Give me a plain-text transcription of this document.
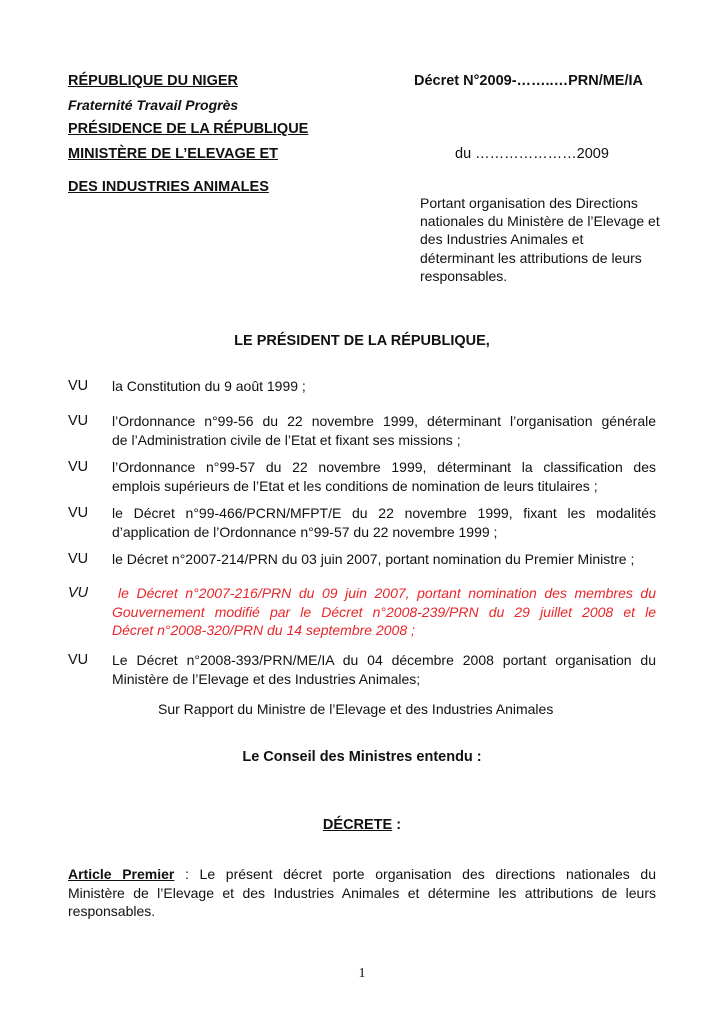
RÉPUBLIQUE DU NIGER
Fraternité Travail Progrès
PRÉSIDENCE DE LA RÉPUBLIQUE
MINISTÈRE DE L’ELEVAGE ET
DES INDUSTRIES ANIMALES
Décret N°2009-……..…PRN/ME/IA
du …………………2009
Portant organisation des Directions
nationales du Ministère de l’Elevage et
des Industries Animales et
déterminant les attributions de leurs
responsables.
LE PRÉSIDENT DE LA RÉPUBLIQUE,
VU la Constitution du 9 août 1999 ;
VU l’Ordonnance n°99-56 du 22 novembre 1999, déterminant l’organisation générale
de l’Administration civile de l’Etat et fixant ses missions ;
VU l’Ordonnance n°99-57 du 22 novembre 1999, déterminant la classification des
emplois supérieurs de l’Etat et les conditions de nomination de leurs titulaires ;
VU le Décret n°99-466/PCRN/MFPT/E du 22 novembre 1999, fixant les modalités
d’application de l’Ordonnance n°99-57 du 22 novembre 1999 ;
VU le Décret n°2007-214/PRN du 03 juin 2007, portant nomination du Premier Ministre ;
VU	le Décret n°2007-216/PRN du 09 juin 2007, portant nomination des membres du
Gouvernement modifié par le Décret n°2008-239/PRN du 29 juillet 2008 et le
Décret n°2008-320/PRN du 14 septembre 2008 ;
VU Le Décret n°2008-393/PRN/ME/IA du 04 décembre 2008 portant organisation du
Ministère de l’Elevage et des Industries Animales;
Sur Rapport du Ministre de l’Elevage et des Industries Animales
Le Conseil des Ministres entendu :
DÉCRETE :
Article Premier : Le présent décret porte organisation des directions nationales du
Ministère de l’Elevage et des Industries Animales et détermine les attributions de leurs
responsables.
1
